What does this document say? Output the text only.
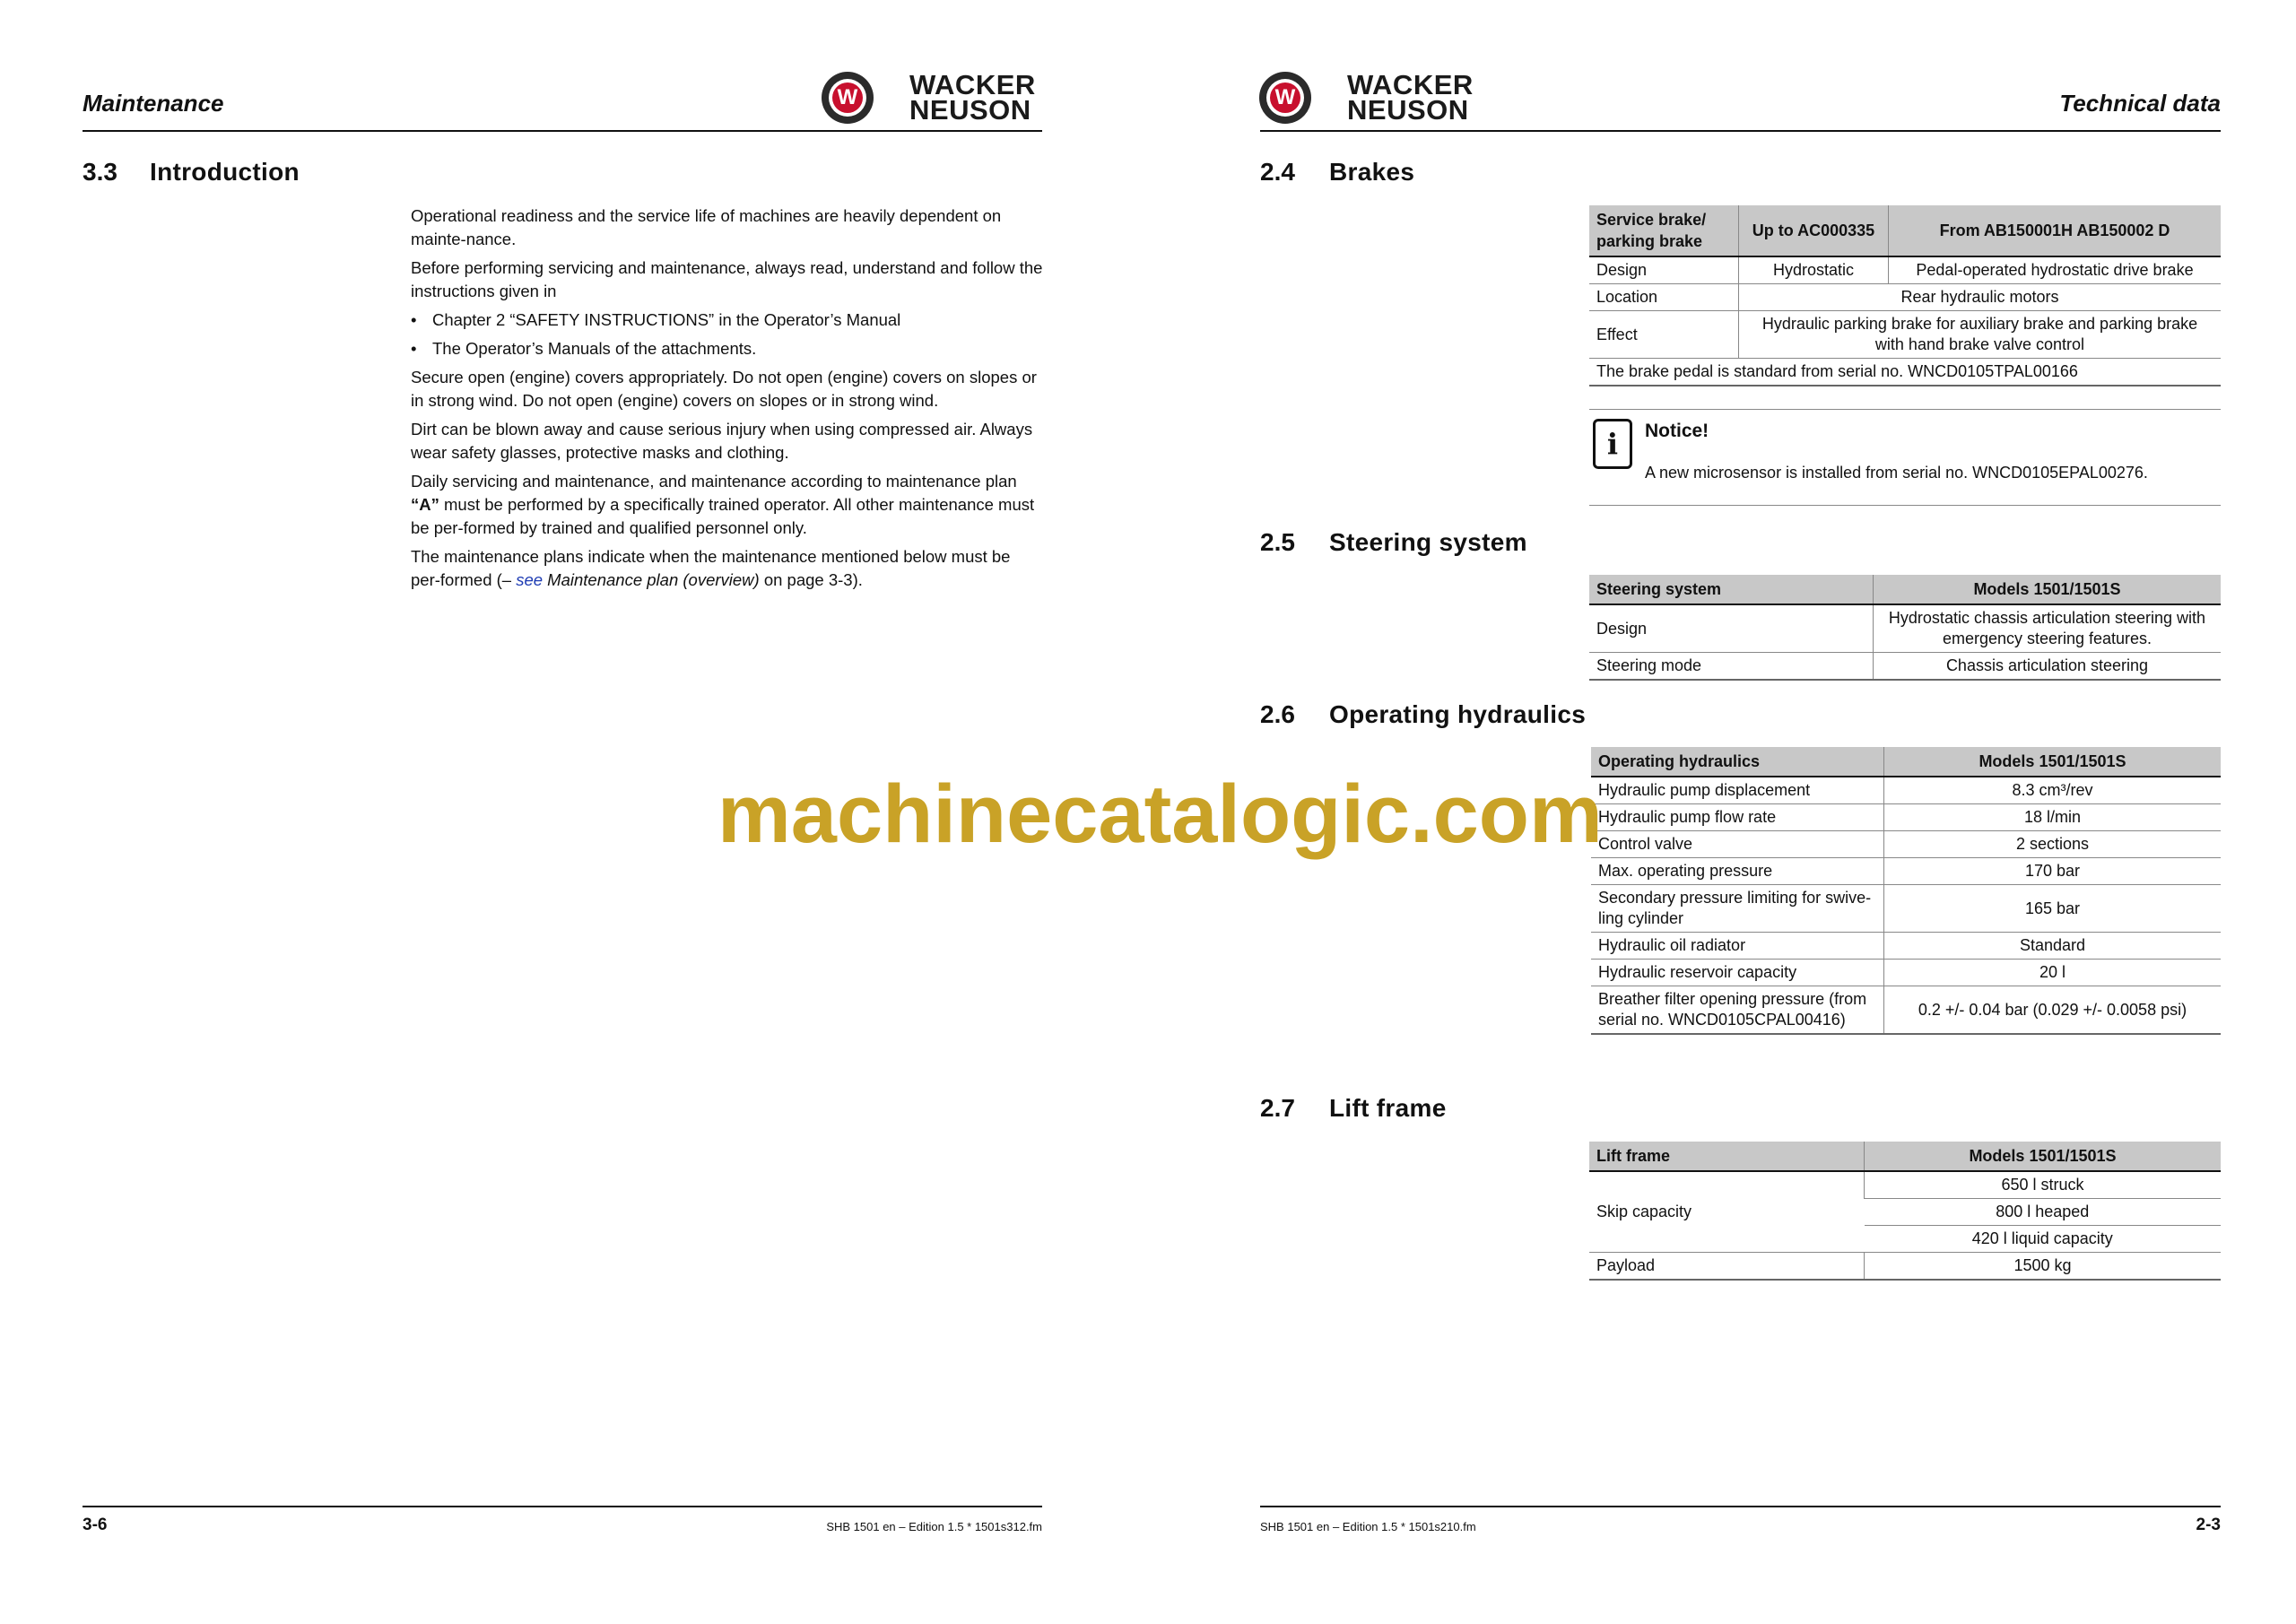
Maintenance	W WACKER
NEUSON
3.3 Introduction

Operational readiness and the service life of machines are heavily dependent on mainte-nance.

Before performing servicing and maintenance, always read, understand and follow the instructions given in

• Chapter 2 “SAFETY INSTRUCTIONS” in the Operator’s Manual
• The Operator’s Manuals of the attachments.

Secure open (engine) covers appropriately. Do not open (engine) covers on slopes or in strong wind. Do not open (engine) covers on slopes or in strong wind.

Dirt can be blown away and cause serious injury when using compressed air. Always wear safety glasses, protective masks and clothing.

Daily servicing and maintenance, and maintenance according to maintenance plan “A” must be performed by a specifically trained operator. All other maintenance must be per-formed by trained and qualified personnel only.

The maintenance plans indicate when the maintenance mentioned below must be per-formed (– see Maintenance plan (overview) on page 3-3).

3-6	SHB 1501 en – Edition 1.5 * 1501s312.fm
W WACKER
NEUSON	Technical data
2.4 Brakes
Service brake/ parking brake	Up to AC000335	From AB150001H AB150002 D
Design	Hydrostatic	Pedal-operated hydrostatic drive brake
Location	Rear hydraulic motors	
Effect	Hydraulic parking brake for auxiliary brake and parking brake with hand brake valve control	
The brake pedal is standard from serial no. WNCD0105TPAL00166		
i	Notice!
A new microsensor is installed from serial no. WNCD0105EPAL00276.
2.5 Steering system
Steering system	Models 1501/1501S
Design	Hydrostatic chassis articulation steering with emergency steering features.
Steering mode	Chassis articulation steering
2.6 Operating hydraulics
Operating hydraulics	Models 1501/1501S
Hydraulic pump displacement	8.3 cm³/rev
Hydraulic pump flow rate	18 l/min
Control valve	2 sections
Max. operating pressure	170 bar
Secondary pressure limiting for swive-ling cylinder	165 bar
Hydraulic oil radiator	Standard
Hydraulic reservoir capacity	20 l
Breather filter opening pressure (from serial no. WNCD0105CPAL00416)	0.2 +/- 0.04 bar (0.029 +/- 0.0058 psi)
2.7 Lift frame
Lift frame	Models 1501/1501S
Skip capacity	650 l struck
	800 l heaped
	420 l liquid capacity
Payload	1500 kg
SHB 1501 en – Edition 1.5 * 1501s210.fm	2-3
machinecatalogic.com
